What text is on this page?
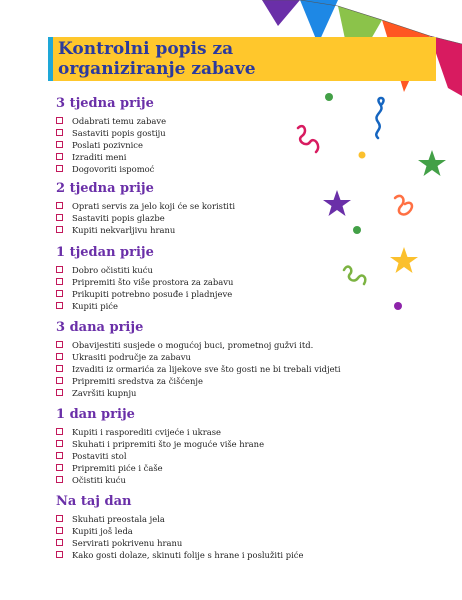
Kontrolni popis za organiziranje zabave
3 tjedna prije
Odabrati temu zabave
Sastaviti popis gostiju
Poslati pozivnice
Izraditi meni
Dogovoriti ispomoć
2 tjedna prije
Oprati servis za jelo koji će se koristiti
Sastaviti popis glazbe
Kupiti nekvarljivu hranu
1 tjedan prije
Dobro očistiti kuću
Pripremiti što više prostora za zabavu
Prikupiti potrebno posuđe i pladnjeve
Kupiti piće
3 dana prije
Obavijestiti susjede o mogućoj buci, prometnoj gužvi itd.
Ukrasiti područje za zabavu
Izvaditi iz ormarića za lijekove sve što gosti ne bi trebali vidjeti
Pripremiti sredstva za čišćenje
Završiti kupnju
1 dan prije
Kupiti i rasporediti cvijeće i ukrase
Skuhati i pripremiti što je moguće više hrane
Postaviti stol
Pripremiti piće i čaše
Očistiti kuću
Na taj dan
Skuhati preostala jela
Kupiti još leda
Servirati pokrivenu hranu
Kako gosti dolaze, skinuti folije s hrane i poslužiti piće
